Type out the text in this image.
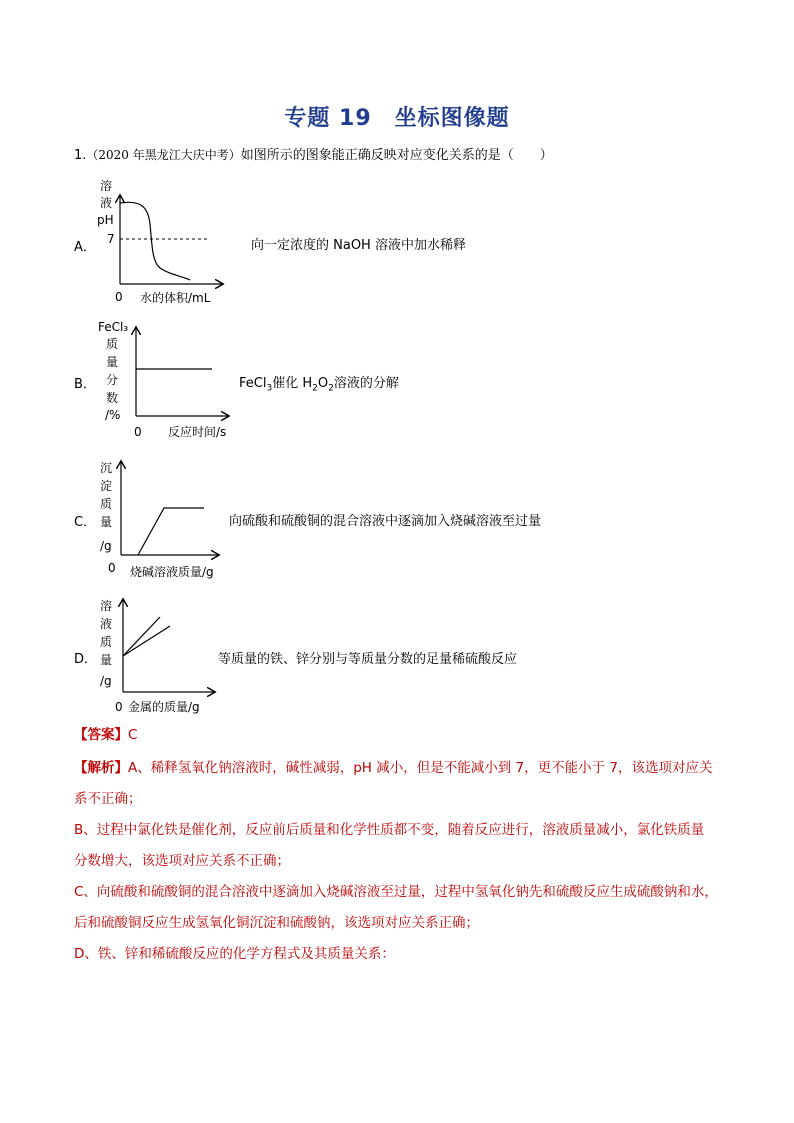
专题 19　坐标图像题
1.（2020 年黑龙江大庆中考）如图所示的图象能正确反映对应变化关系的是（　　）
A．
溶
液
pH
7
0 水的体积/mL
向一定浓度的 NaOH 溶液中加水稀释
B．
FeCl₃
质
量
分
数
/%
0 反应时间/s
FeCl$_3$催化 $H_2O_2$溶液的分解
C．
沉
淀
质
量
/g
0 烧碱溶液质量/g
向硫酸和硫酸铜的混合溶液中逐滴加入烧碱溶液至过量
D．
溶
液
质
量
/g
0 金属的质量/g
等质量的铁、锌分别与等质量分数的足量稀硫酸反应
【答案】C
【解析】A、稀释氢氧化钠溶液时，碱性减弱，pH 减小，但是不能减小到 7，更不能小于 7，该选项对应关
系不正确；
B、过程中氯化铁是催化剂，反应前后质量和化学性质都不变，随着反应进行，溶液质量减小，氯化铁质量
分数增大，该选项对应关系不正确；
C、向硫酸和硫酸铜的混合溶液中逐滴加入烧碱溶液至过量，过程中氢氧化钠先和硫酸反应生成硫酸钠和水，
后和硫酸铜反应生成氢氧化铜沉淀和硫酸钠，该选项对应关系正确；
D、铁、锌和稀硫酸反应的化学方程式及其质量关系：
